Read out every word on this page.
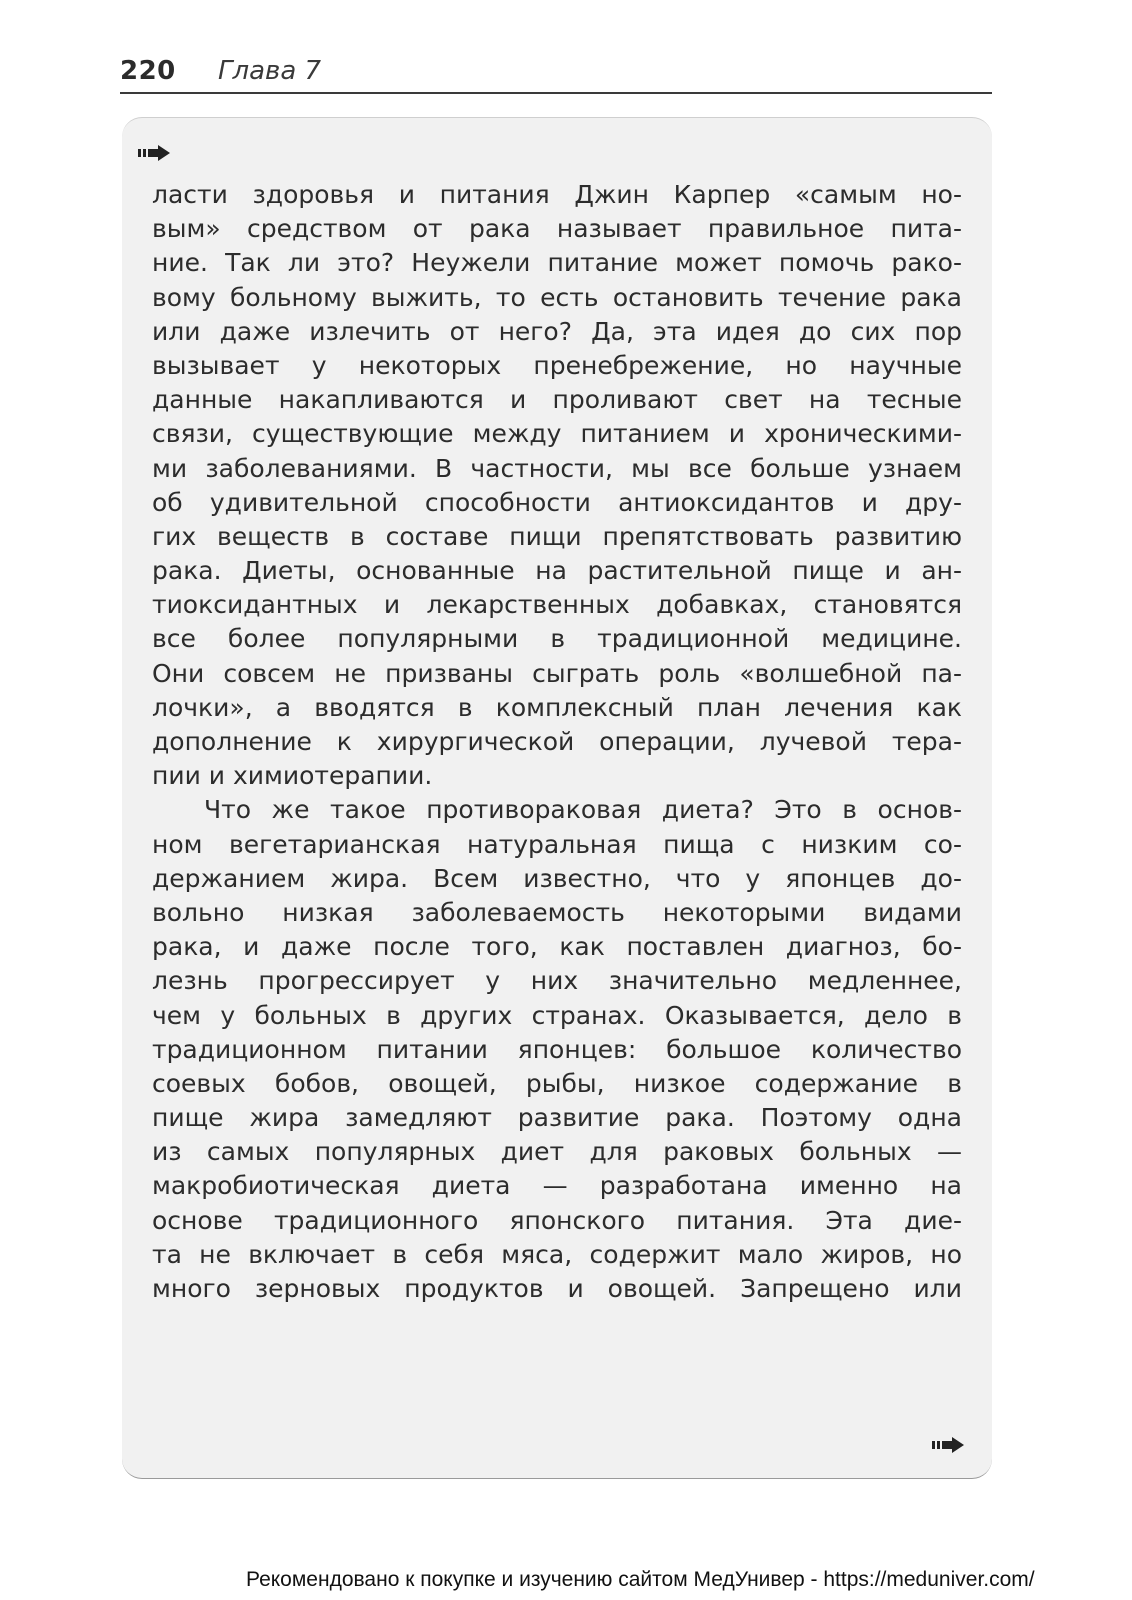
220 Глава 7
ласти здоровья и питания Джин Карпер «самым но-
вым» средством от рака называет правильное пита-
ние. Так ли это? Неужели питание может помочь рако-
вому больному выжить, то есть остановить течение рака
или даже излечить от него? Да, эта идея до сих пор
вызывает у некоторых пренебрежение, но научные
данные накапливаются и проливают свет на тесные
связи, существующие между питанием и хроническими-
ми заболеваниями. В частности, мы все больше узнаем
об удивительной способности антиоксидантов и дру-
гих веществ в составе пищи препятствовать развитию
рака. Диеты, основанные на растительной пище и ан-
тиоксидантных и лекарственных добавках, становятся
все более популярными в традиционной медицине.
Они совсем не призваны сыграть роль «волшебной па-
лочки», а вводятся в комплексный план лечения как
дополнение к хирургической операции, лучевой тера-
пии и химиотерапии.
Что же такое противораковая диета? Это в основ-
ном вегетарианская натуральная пища с низким со-
держанием жира. Всем известно, что у японцев до-
вольно низкая заболеваемость некоторыми видами
рака, и даже после того, как поставлен диагноз, бо-
лезнь прогрессирует у них значительно медленнее,
чем у больных в других странах. Оказывается, дело в
традиционном питании японцев: большое количество
соевых бобов, овощей, рыбы, низкое содержание в
пище жира замедляют развитие рака. Поэтому одна
из самых популярных диет для раковых больных —
макробиотическая диета — разработана именно на
основе традиционного японского питания. Эта дие-
та не включает в себя мяса, содержит мало жиров, но
много зерновых продуктов и овощей. Запрещено или
Рекомендовано к покупке и изучению сайтом МедУнивер - https://meduniver.com/
